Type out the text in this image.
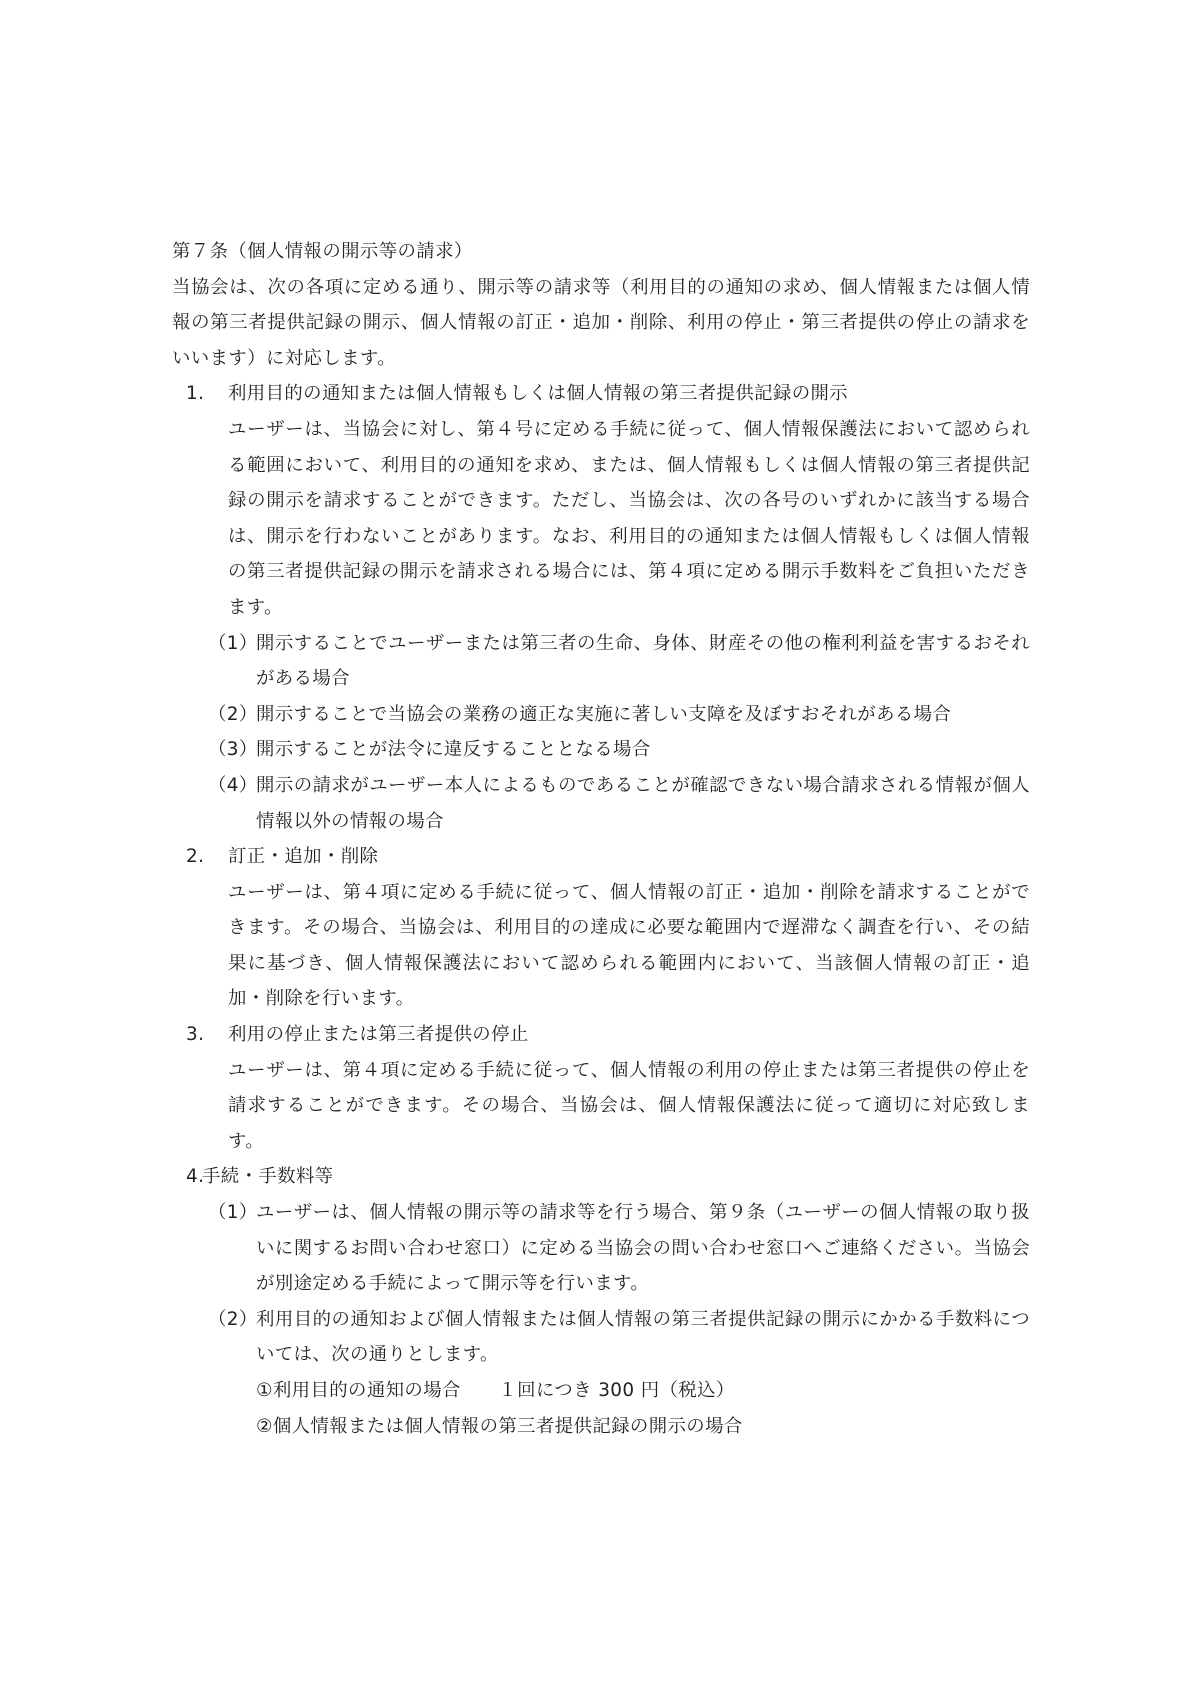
第７条（個人情報の開示等の請求）

当協会は、次の各項に定める通り、開示等の請求等（利用目的の通知の求め、個人情報または個人情報の第三者提供記録の開示、個人情報の訂正・追加・削除、利用の停止・第三者提供の停止の請求をいいます）に対応します。

1. 利用目的の通知または個人情報もしくは個人情報の第三者提供記録の開示

ユーザーは、当協会に対し、第４号に定める手続に従って、個人情報保護法において認められる範囲において、利用目的の通知を求め、または、個人情報もしくは個人情報の第三者提供記録の開示を請求することができます。ただし、当協会は、次の各号のいずれかに該当する場合は、開示を行わないことがあります。なお、利用目的の通知または個人情報もしくは個人情報の第三者提供記録の開示を請求される場合には、第４項に定める開示手数料をご負担いただきます。

（1）
開示することでユーザーまたは第三者の生命、身体、財産その他の権利利益を害するおそれがある場合

（2）
開示することで当協会の業務の適正な実施に著しい支障を及ぼすおそれがある場合

（3）
開示することが法令に違反することとなる場合

（4）
開示の請求がユーザー本人によるものであることが確認できない場合請求される情報が個人情報以外の情報の場合

2. 訂正・追加・削除

ユーザーは、第４項に定める手続に従って、個人情報の訂正・追加・削除を請求することができます。その場合、当協会は、利用目的の達成に必要な範囲内で遅滞なく調査を行い、その結果に基づき、個人情報保護法において認められる範囲内において、当該個人情報の訂正・追加・削除を行います。

3. 利用の停止または第三者提供の停止

ユーザーは、第４項に定める手続に従って、個人情報の利用の停止または第三者提供の停止を請求することができます。その場合、当協会は、個人情報保護法に従って適切に対応致します。

4.
手続・手数料等

（1）
ユーザーは、個人情報の開示等の請求等を行う場合、第９条（ユーザーの個人情報の取り扱いに関するお問い合わせ窓口）に定める当協会の問い合わせ窓口へご連絡ください。当協会が別途定める手続によって開示等を行います。

（2）
利用目的の通知および個人情報または個人情報の第三者提供記録の開示にかかる手数料については、次の通りとします。

①利用目的の通知の場合　　１回につき 300 円（税込）

②個人情報または個人情報の第三者提供記録の開示の場合
